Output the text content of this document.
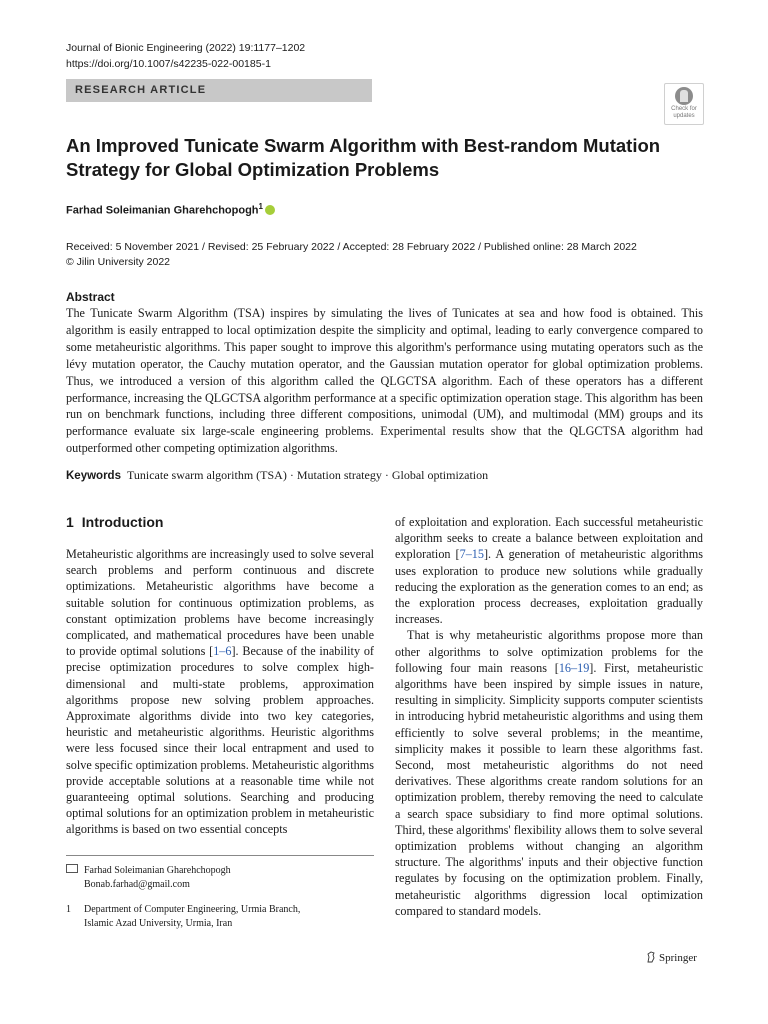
Journal of Bionic Engineering (2022) 19:1177–1202
https://doi.org/10.1007/s42235-022-00185-1
RESEARCH ARTICLE
Check for
updates
An Improved Tunicate Swarm Algorithm with Best-random Mutation Strategy for Global Optimization Problems
Farhad Soleimanian Gharehchopogh$^1$
Received: 5 November 2021 / Revised: 25 February 2022 / Accepted: 28 February 2022 / Published online: 28 March 2022
© Jilin University 2022
Abstract
The Tunicate Swarm Algorithm (TSA) inspires by simulating the lives of Tunicates at sea and how food is obtained. This algorithm is easily entrapped to local optimization despite the simplicity and optimal, leading to early convergence compared to some metaheuristic algorithms. This paper sought to improve this algorithm's performance using mutating operators such as the lévy mutation operator, the Cauchy mutation operator, and the Gaussian mutation operator for global optimization problems. Thus, we introduced a version of this algorithm called the QLGCTSA algorithm. Each of these operators has a different performance, increasing the QLGCTSA algorithm performance at a specific optimization operation stage. This algorithm has been run on benchmark functions, including three different compositions, unimodal (UM), and multimodal (MM) groups and its performance evaluate six large-scale engineering problems. Experimental results show that the QLGCTSA algorithm had outperformed other competing optimization algorithms.
Keywords Tunicate swarm algorithm (TSA) · Mutation strategy · Global optimization
1 Introduction

Metaheuristic algorithms are increasingly used to solve several search problems and perform continuous and discrete optimizations. Metaheuristic algorithms have become a suitable solution for continuous optimization problems, as constant optimization problems have become increasingly complicated, and mathematical procedures have been unable to provide optimal solutions [1–6]. Because of the inability of precise optimization procedures to solve complex high-dimensional and multi-state problems, approximation algorithms propose new solving problem approaches. Approximate algorithms divide into two key categories, heuristic and metaheuristic algorithms. Heuristic algorithms were less focused since their local entrapment and used to solve specific optimization problems. Metaheuristic algorithms provide acceptable solutions at a reasonable time while not guaranteeing optimal solutions. Searching and producing optimal solutions for an optimization problem in metaheuristic algorithms is based on two essential concepts

of exploitation and exploration. Each successful metaheuristic algorithm seeks to create a balance between exploitation and exploration [7–15]. A generation of metaheuristic algorithms uses exploration to produce new solutions while gradually reducing the exploration as the generation comes to an end; as the exploration process decreases, exploitation gradually increases.

That is why metaheuristic algorithms propose more than other algorithms to solve optimization problems for the following four main reasons [16–19]. First, metaheuristic algorithms have been inspired by simple issues in nature, resulting in simplicity. Simplicity supports computer scientists in introducing hybrid metaheuristic algorithms and using them efficiently to solve several problems; in the meantime, simplicity makes it possible to learn these algorithms fast. Second, most metaheuristic algorithms do not need derivatives. These algorithms create random solutions for an optimization problem, thereby removing the need to calculate a search space subsidiary to find more optimal solutions. Third, these algorithms' flexibility allows them to solve several optimization problems without changing an algorithm structure. The algorithms' inputs and their objective function regulates by focusing on the optimization problem. Finally, metaheuristic algorithms digression local optimization compared to standard models.

Farhad Soleimanian Gharehchopogh
Bonab.farhad@gmail.com
1 Department of Computer Engineering, Urmia Branch,
Islamic Azad University, Urmia, Iran
Springer
